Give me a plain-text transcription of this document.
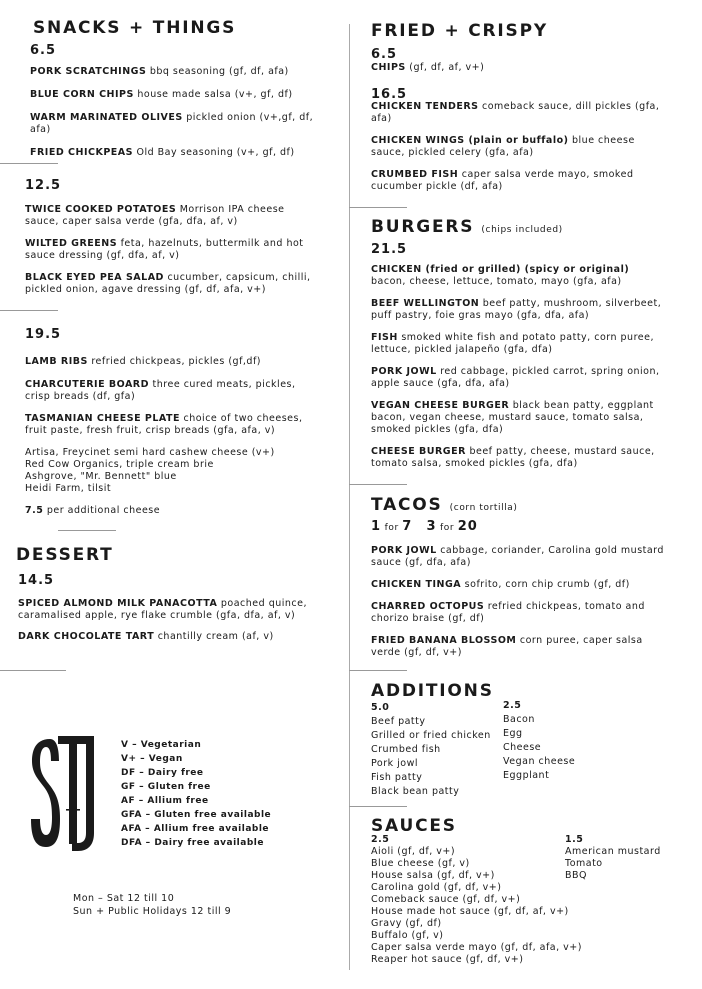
SNACKS + THINGS
6.5
PORK SCRATCHINGS bbq seasoning (gf, df, afa)
BLUE CORN CHIPS house made salsa (v+, gf, df)
WARM MARINATED OLIVES pickled onion (v+,gf, df, afa)
FRIED CHICKPEAS Old Bay seasoning (v+, gf, df)
12.5
TWICE COOKED POTATOES Morrison IPA cheese sauce, caper salsa verde (gfa, dfa, af, v)
WILTED GREENS feta, hazelnuts, buttermilk and hot sauce dressing (gf, dfa, af, v)
BLACK EYED PEA SALAD cucumber, capsicum, chilli, pickled onion, agave dressing (gf, df, afa, v+)
19.5
LAMB RIBS refried chickpeas, pickles (gf,df)
CHARCUTERIE BOARD three cured meats, pickles, crisp breads (df, gfa)
TASMANIAN CHEESE PLATE choice of two cheeses, fruit paste, fresh fruit, crisp breads (gfa, afa, v)
Artisa, Freycinet semi hard cashew cheese (v+)
Red Cow Organics, triple cream brie
Ashgrove, "Mr. Bennett" blue
Heidi Farm, tilsit
7.5 per additional cheese
DESSERT
14.5
SPICED ALMOND MILK PANACOTTA poached quince, caramalised apple, rye flake crumble (gfa, dfa, af, v)
DARK CHOCOLATE TART chantilly cream (af, v)
V – Vegetarian
V+ – Vegan
DF – Dairy free
GF – Gluten free
AF – Allium free
GFA – Gluten free available
AFA – Allium free available
DFA – Dairy free available
Mon – Sat 12 till 10
Sun + Public Holidays 12 till 9
FRIED + CRISPY
6.5
CHIPS (gf, df, af, v+)
16.5
CHICKEN TENDERS comeback sauce, dill pickles (gfa, afa)
CHICKEN WINGS (plain or buffalo) blue cheese sauce, pickled celery (gfa, afa)
CRUMBED FISH caper salsa verde mayo, smoked cucumber pickle (df, afa)
BURGERS (chips included)
21.5
CHICKEN (fried or grilled) (spicy or original) bacon, cheese, lettuce, tomato, mayo (gfa, afa)
BEEF WELLINGTON beef patty, mushroom, silverbeet, puff pastry, foie gras mayo (gfa, dfa, afa)
FISH smoked white fish and potato patty, corn puree, lettuce, pickled jalapeño (gfa, dfa)
PORK JOWL red cabbage, pickled carrot, spring onion, apple sauce (gfa, dfa, afa)
VEGAN CHEESE BURGER black bean patty, eggplant bacon, vegan cheese, mustard sauce, tomato salsa, smoked pickles (gfa, dfa)
CHEESE BURGER beef patty, cheese, mustard sauce, tomato salsa, smoked pickles (gfa, dfa)
TACOS (corn tortilla)
1 for 7 3 for 20
PORK JOWL cabbage, coriander, Carolina gold mustard sauce (gf, dfa, afa)
CHICKEN TINGA sofrito, corn chip crumb (gf, df)
CHARRED OCTOPUS refried chickpeas, tomato and chorizo braise (gf, df)
FRIED BANANA BLOSSOM corn puree, caper salsa verde (gf, df, v+)
ADDITIONS
5.0
Beef patty
Grilled or fried chicken
Crumbed fish
Pork jowl
Fish patty
Black bean patty
2.5
Bacon
Egg
Cheese
Vegan cheese
Eggplant
SAUCES
2.5
Aioli (gf, df, v+)
Blue cheese (gf, v)
House salsa (gf, df, v+)
Carolina gold (gf, df, v+)
Comeback sauce (gf, df, v+)
House made hot sauce (gf, df, af, v+)
Gravy (gf, df)
Buffalo (gf, v)
Caper salsa verde mayo (gf, df, afa, v+)
Reaper hot sauce (gf, df, v+)
1.5
American mustard
Tomato
BBQ
